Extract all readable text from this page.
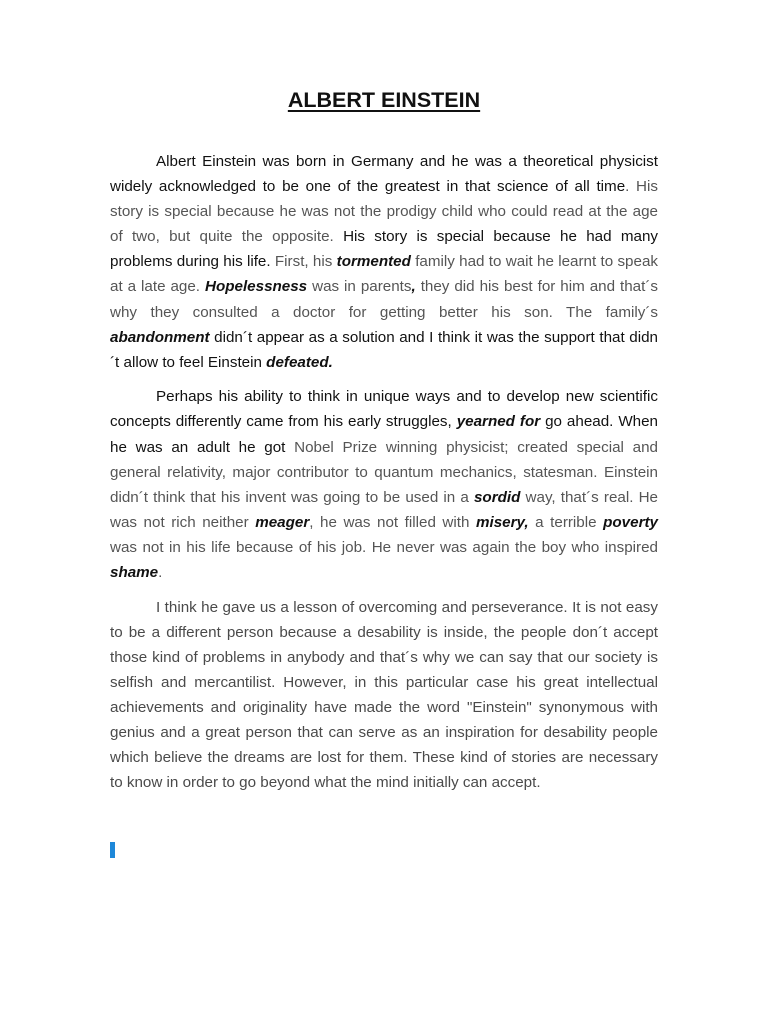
ALBERT EINSTEIN

Albert Einstein was born in Germany and he was a theoretical physicist widely acknowledged to be one of the greatest in that science of all time. His story is special because he was not the prodigy child who could read at the age of two, but quite the opposite. His story is special because he had many problems during his life. First, his tormented family had to wait he learnt to speak at a late age. Hopelessness was in parents, they did his best for him and that´s why they consulted a doctor for getting better his son. The family´s abandonment didn´t appear as a solution and I think it was the support that didn´t allow to feel Einstein defeated.

Perhaps his ability to think in unique ways and to develop new scientific concepts differently came from his early struggles, yearned for go ahead. When he was an adult he got Nobel Prize winning physicist; created special and general relativity, major contributor to quantum mechanics, statesman. Einstein didn´t think that his invent was going to be used in a sordid way, that´s real. He was not rich neither meager, he was not filled with misery, a terrible poverty was not in his life because of his job. He never was again the boy who inspired shame.

I think he gave us a lesson of overcoming and perseverance. It is not easy to be a different person because a desability is inside, the people don´t accept those kind of problems in anybody and that´s why we can say that our society is selfish and mercantilist. However, in this particular case his great intellectual achievements and originality have made the word "Einstein" synonymous with genius and a great person that can serve as an inspiration for desability people which believe the dreams are lost for them. These kind of stories are necessary to know in order to go beyond what the mind initially can accept.
